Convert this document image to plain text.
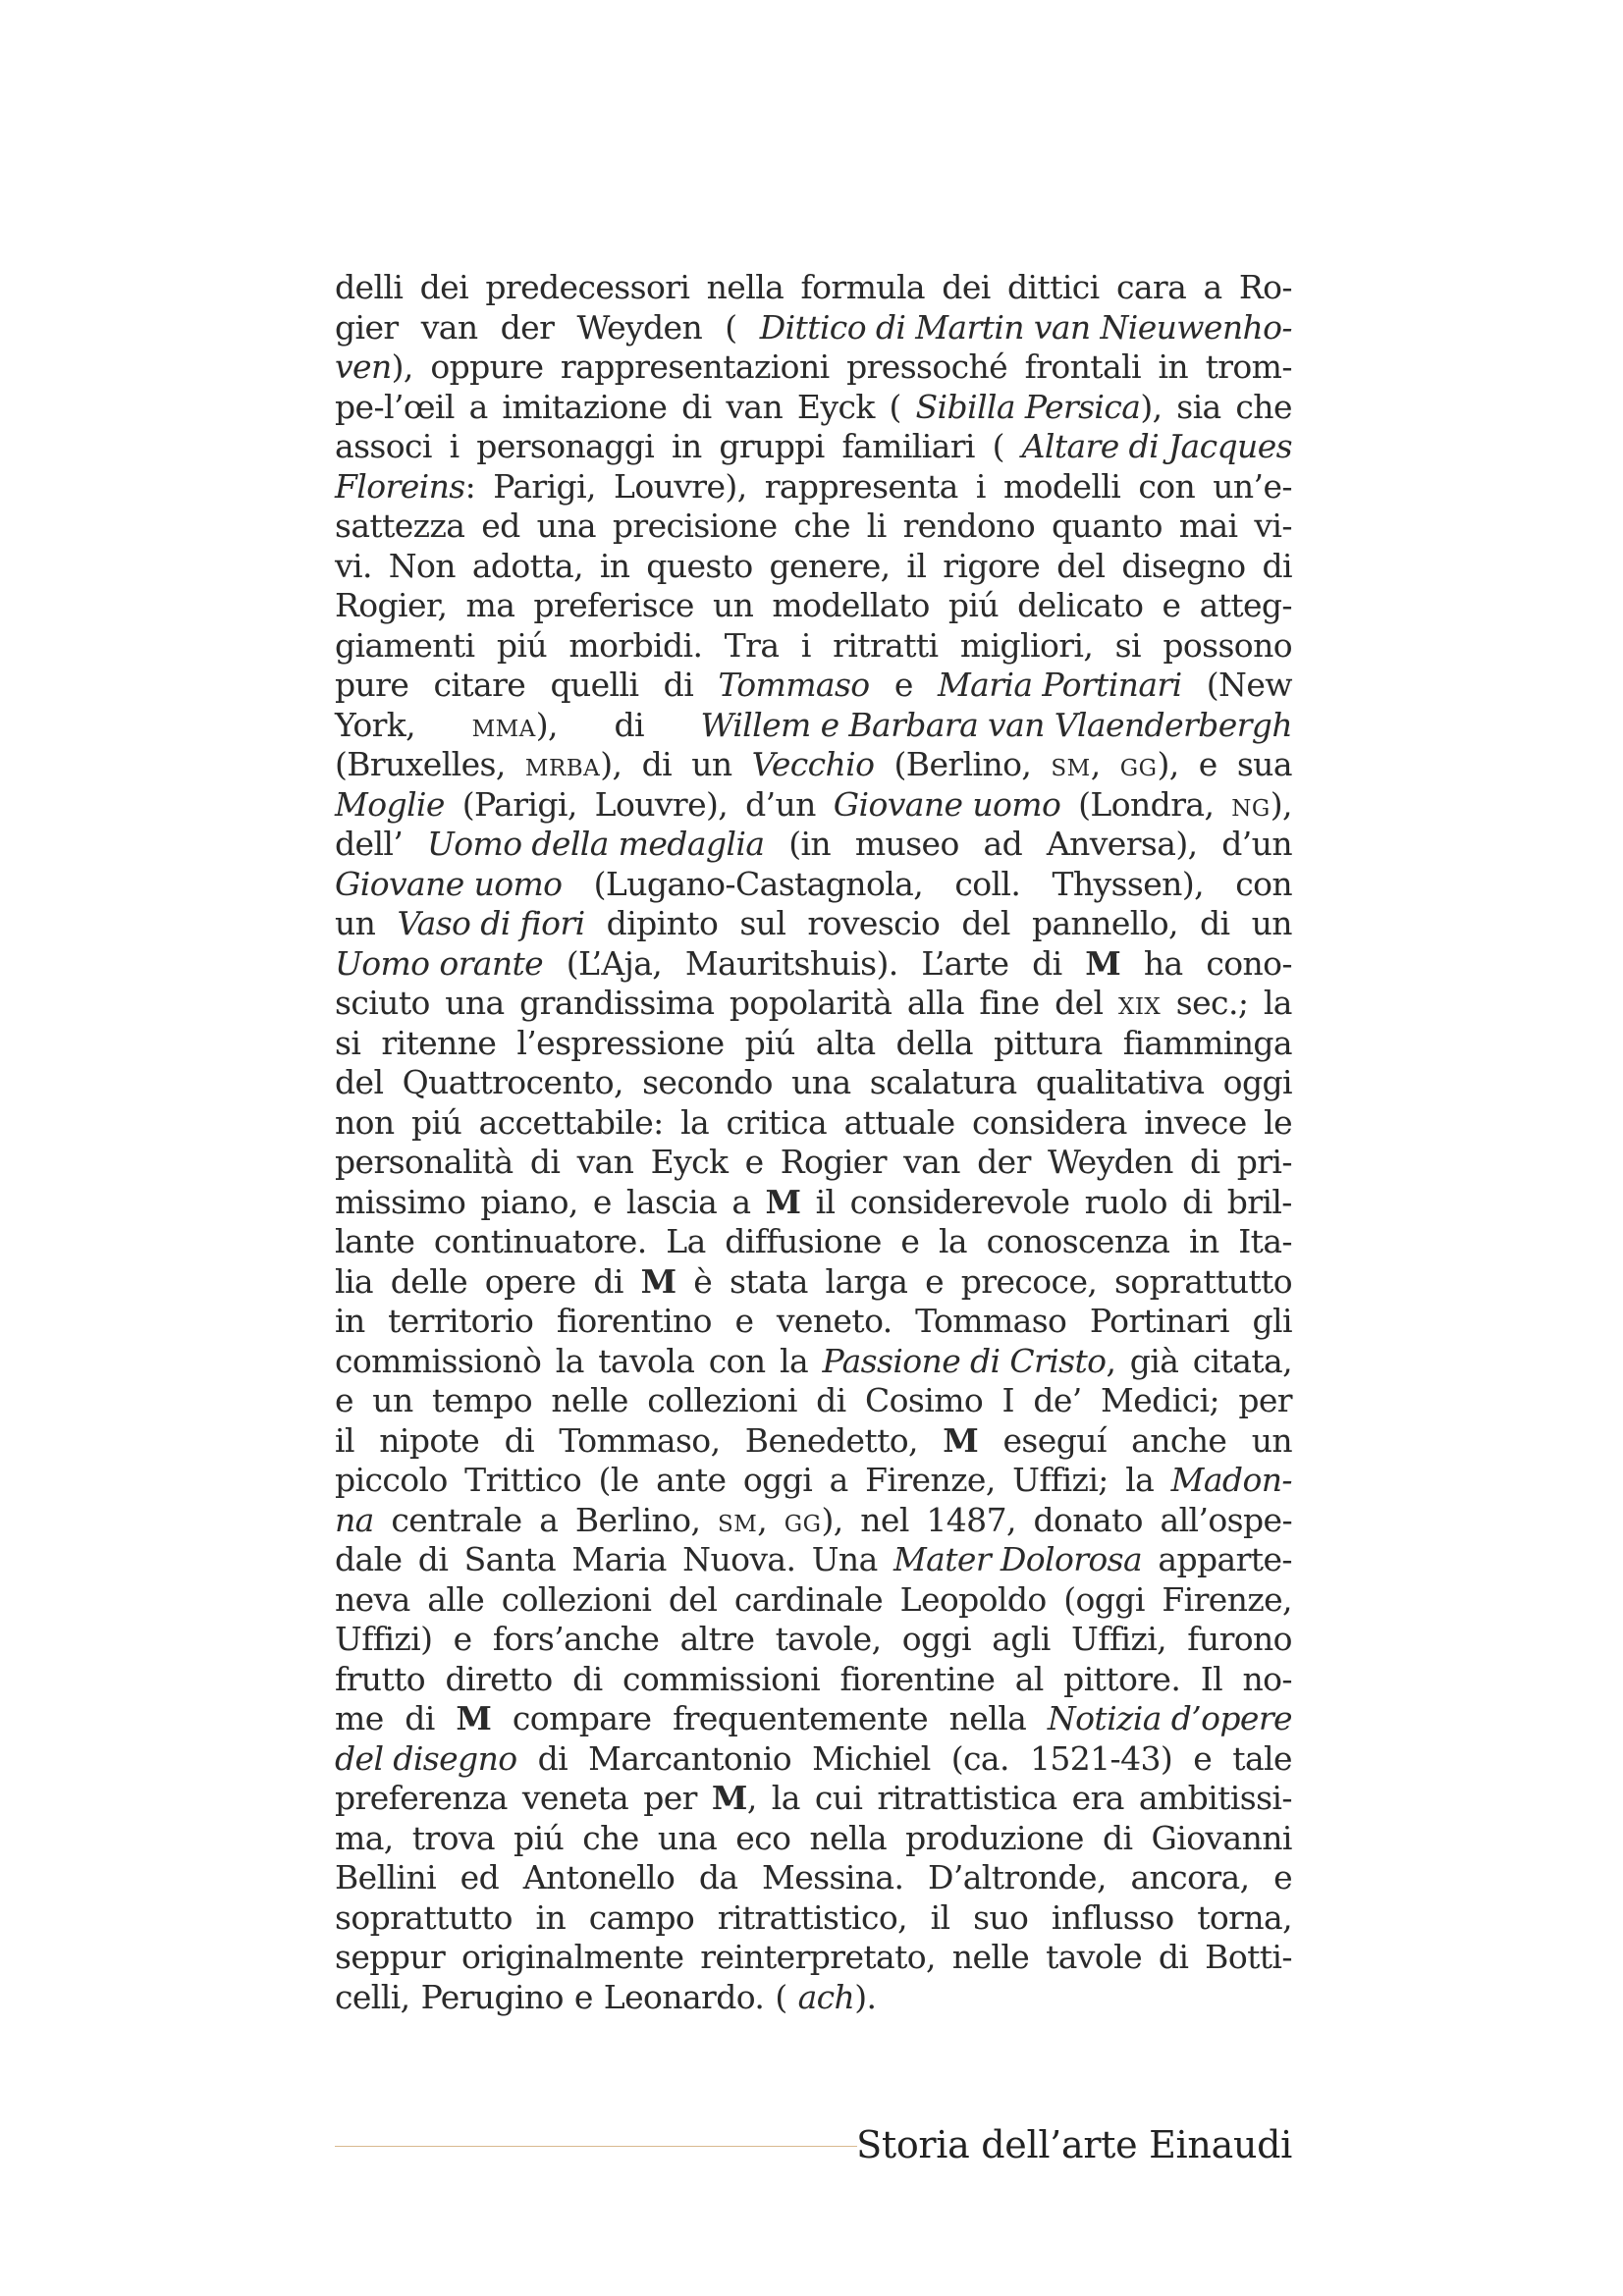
delli dei predecessori nella formula dei dittici cara a Ro-
gier van der Weyden ( Dittico di Martin van Nieuwenho-
ven), oppure rappresentazioni pressoché frontali in trom-
pe-l’œil a imitazione di van Eyck ( Sibilla Persica), sia che
associ i personaggi in gruppi familiari ( Altare di Jacques
Floreins: Parigi, Louvre), rappresenta i modelli con un’e-
sattezza ed una precisione che li rendono quanto mai vi-
vi. Non adotta, in questo genere, il rigore del disegno di
Rogier, ma preferisce un modellato piú delicato e atteg-
giamenti piú morbidi. Tra i ritratti migliori, si possono
pure citare quelli di Tommaso e Maria Portinari (New
York, mma), di Willem e Barbara van Vlaenderbergh
(Bruxelles, mrba), di un Vecchio (Berlino, sm, gg), e sua
Moglie (Parigi, Louvre), d’un Giovane uomo (Londra, ng),
dell’ Uomo della medaglia (in museo ad Anversa), d’un
Giovane uomo (Lugano-Castagnola, coll. Thyssen), con
un Vaso di fiori dipinto sul rovescio del pannello, di un
Uomo orante (L’Aja, Mauritshuis). L’arte di M ha cono-
sciuto una grandissima popolarità alla fine del xix sec.; la
si ritenne l’espressione piú alta della pittura fiamminga
del Quattrocento, secondo una scalatura qualitativa oggi
non piú accettabile: la critica attuale considera invece le
personalità di van Eyck e Rogier van der Weyden di pri-
missimo piano, e lascia a M il considerevole ruolo di bril-
lante continuatore. La diffusione e la conoscenza in Ita-
lia delle opere di M è stata larga e precoce, soprattutto
in territorio fiorentino e veneto. Tommaso Portinari gli
commissionò la tavola con la Passione di Cristo, già citata,
e un tempo nelle collezioni di Cosimo I de’ Medici; per
il nipote di Tommaso, Benedetto, M eseguí anche un
piccolo Trittico (le ante oggi a Firenze, Uffizi; la Madon-
na centrale a Berlino, sm, gg), nel 1487, donato all’ospe-
dale di Santa Maria Nuova. Una Mater Dolorosa apparte-
neva alle collezioni del cardinale Leopoldo (oggi Firenze,
Uffizi) e fors’anche altre tavole, oggi agli Uffizi, furono
frutto diretto di commissioni fiorentine al pittore. Il no-
me di M compare frequentemente nella Notizia d’opere
del disegno di Marcantonio Michiel (ca. 1521-43) e tale
preferenza veneta per M, la cui ritrattistica era ambitissi-
ma, trova piú che una eco nella produzione di Giovanni
Bellini ed Antonello da Messina. D’altronde, ancora, e
soprattutto in campo ritrattistico, il suo influsso torna,
seppur originalmente reinterpretato, nelle tavole di Botti-
celli, Perugino e Leonardo. ( ach).
Storia dell’arte Einaudi
